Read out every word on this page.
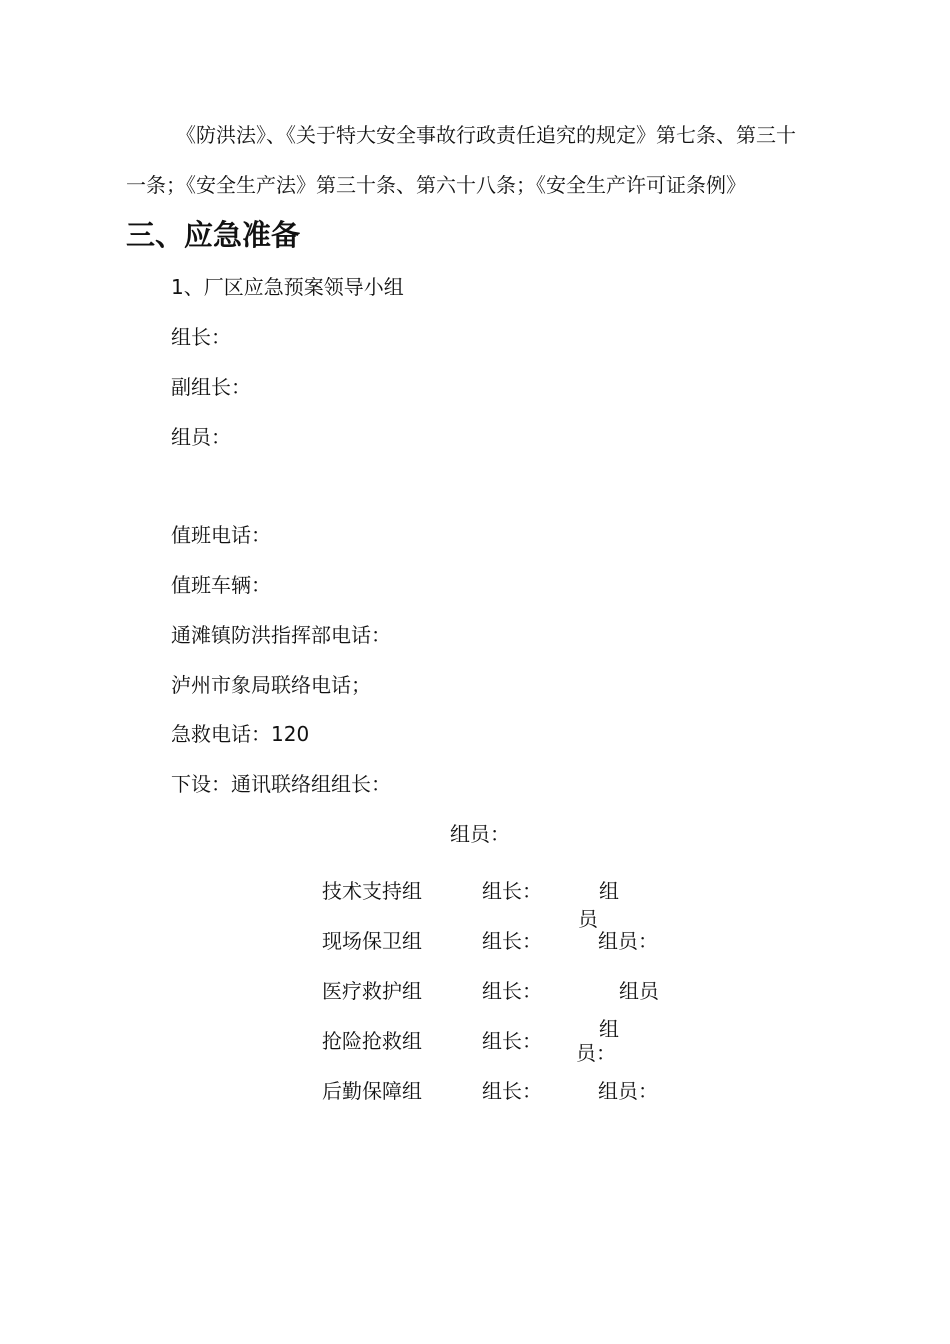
《防洪法》、《关于特大安全事故行政责任追究的规定》第七条、第三十
一条；《安全生产法》第三十条、第六十八条；《安全生产许可证条例》
三、应急准备
1、厂区应急预案领导小组
组长：
副组长：
组员：
值班电话：
值班车辆：
通滩镇防洪指挥部电话：
泸州市象局联络电话；
急救电话：120
下设：通讯联络组组长：
组员：
技术支持组	组长：	组
员
现场保卫组	组长：	组员：
医疗救护组	组长：	组员
抢险抢救组	组长：	组
员：
后勤保障组	组长：	组员：
